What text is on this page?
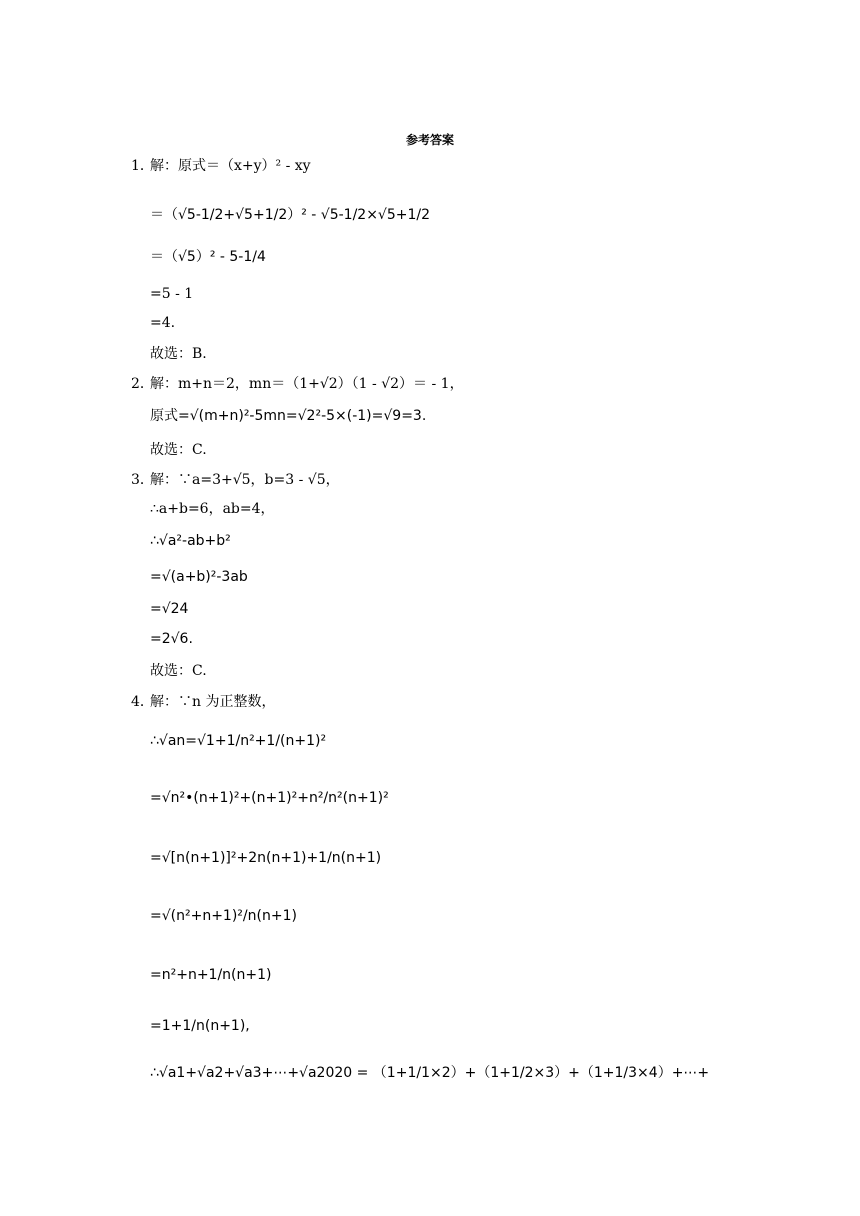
参考答案
1．
解：原式＝（x+y）² - xy
＝（√5-1/2+√5+1/2）² - √5-1/2×√5+1/2
＝（√5）² - 5-1/4
=5 - 1
=4.
故选：B.
2．
解：m+n＝2，mn＝（1+√2）（1 - √2）＝ - 1，
原式=√(m+n)²-5mn=√2²-5×(-1)=√9=3.
故选：C.
3．
解：∵a=3+√5，b=3 - √5，
∴a+b=6，ab=4，
∴√a²-ab+b²
=√(a+b)²-3ab
=√24
=2√6.
故选：C.
4．
解：∵n 为正整数，
∴√an=√1+1/n²+1/(n+1)²
=√n²•(n+1)²+(n+1)²+n²/n²(n+1)²
=√[n(n+1)]²+2n(n+1)+1/n(n+1)
=√(n²+n+1)²/n(n+1)
=n²+n+1/n(n+1)
=1+1/n(n+1),
∴√a1+√a2+√a3+⋯+√a2020 = （1+1/1×2）+（1+1/2×3）+（1+1/3×4）+⋯+
